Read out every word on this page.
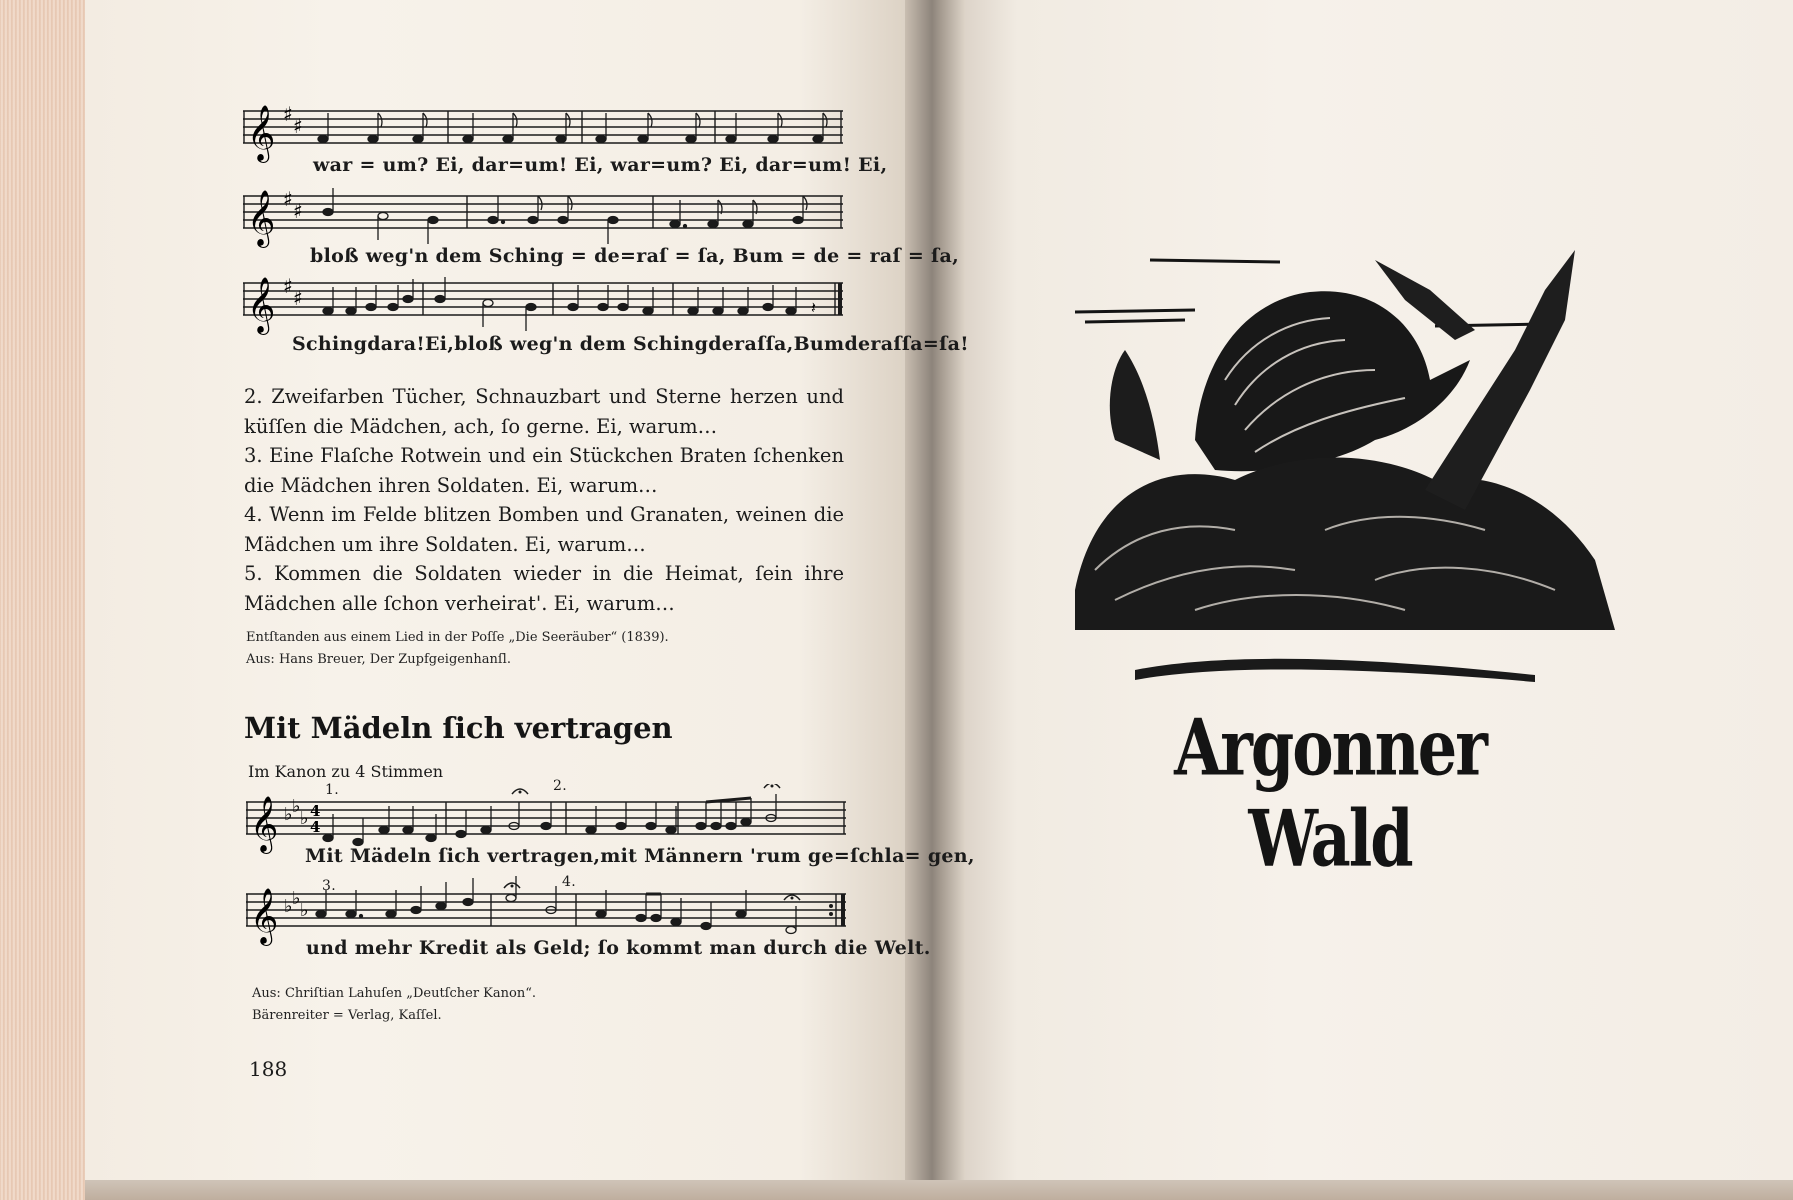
𝄞 ♯ ♯
war = um? Ei, dar=um! Ei, war=um? Ei, dar=um! Ei,
𝄞 ♯ ♯
bloß weg'n dem Sching = de=raſ = ſa, Bum = de = raſ = ſa,
𝄞 ♯ ♯	𝄽
Schingdara!Ei,bloß weg'n dem Schingderaſſa,Bumderaſſa=ſa!
2. Zweifarben Tücher, Schnauzbart und Sterne herzen und küſſen die Mädchen, ach, ſo gerne. Ei, warum…
3. Eine Flaſche Rotwein und ein Stückchen Braten ſchenken die Mädchen ihren Soldaten. Ei, warum…
4. Wenn im Felde blitzen Bomben und Granaten, weinen die Mädchen um ihre Soldaten. Ei, warum…
5. Kommen die Soldaten wieder in die Heimat, ſein ihre Mädchen alle ſchon verheirat'. Ei, warum…
Entſtanden aus einem Lied in der Poſſe „Die Seeräuber“ (1839).
Aus: Hans Breuer, Der Zupfgeigenhanſl.
Mit Mädeln ſich vertragen
Im Kanon zu 4 Stimmen
𝄞 ♭ ♭
♭ 4
4
1.	2.
Mit Mädeln ſich vertragen,mit Männern 'rum ge=ſchla= gen,
𝄞 ♭ ♭
♭
3.	4.
und mehr Kredit als Geld; ſo kommt man durch die Welt.
Aus: Chriſtian Lahuſen „Deutſcher Kanon“.
Bärenreiter = Verlag, Kaſſel.
188
Argonner Wald
